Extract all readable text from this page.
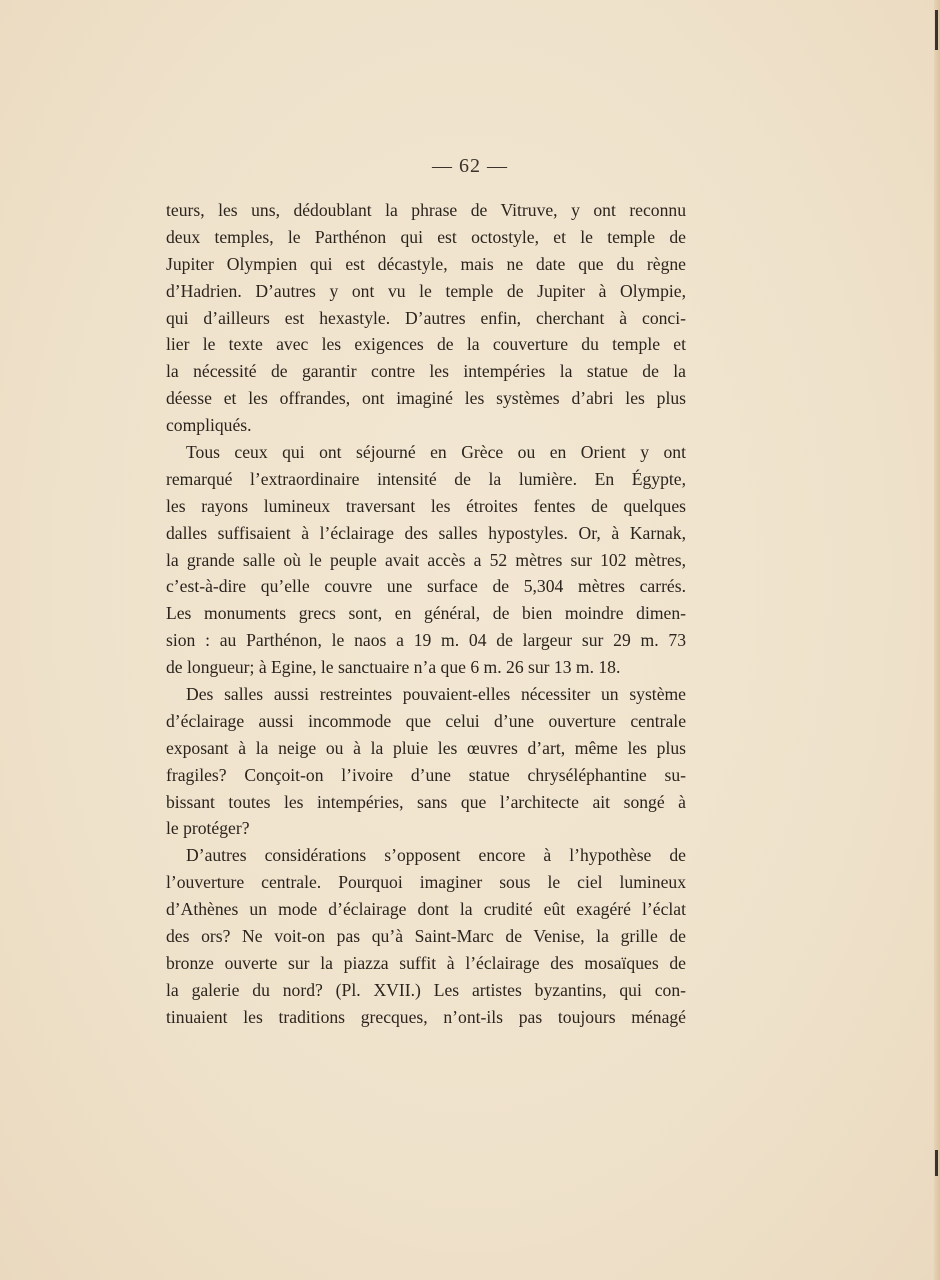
— 62 —
teurs, les uns, dédoublant la phrase de Vitruve, y ont reconnu
deux temples, le Parthénon qui est octostyle, et le temple de
Jupiter Olympien qui est décastyle, mais ne date que du règne
d’Hadrien. D’autres y ont vu le temple de Jupiter à Olympie,
qui d’ailleurs est hexastyle. D’autres enfin, cherchant à conci-
lier le texte avec les exigences de la couverture du temple et
la nécessité de garantir contre les intempéries la statue de la
déesse et les offrandes, ont imaginé les systèmes d’abri les plus
compliqués.
Tous ceux qui ont séjourné en Grèce ou en Orient y ont
remarqué l’extraordinaire intensité de la lumière. En Égypte,
les rayons lumineux traversant les étroites fentes de quelques
dalles suffisaient à l’éclairage des salles hypostyles. Or, à Karnak,
la grande salle où le peuple avait accès a 52 mètres sur 102 mètres,
c’est-à-dire qu’elle couvre une surface de 5,304 mètres carrés.
Les monuments grecs sont, en général, de bien moindre dimen-
sion : au Parthénon, le naos a 19 m. 04 de largeur sur 29 m. 73
de longueur; à Egine, le sanctuaire n’a que 6 m. 26 sur 13 m. 18.
Des salles aussi restreintes pouvaient-elles nécessiter un système
d’éclairage aussi incommode que celui d’une ouverture centrale
exposant à la neige ou à la pluie les œuvres d’art, même les plus
fragiles? Conçoit-on l’ivoire d’une statue chryséléphantine su-
bissant toutes les intempéries, sans que l’architecte ait songé à
le protéger?
D’autres considérations s’opposent encore à l’hypothèse de
l’ouverture centrale. Pourquoi imaginer sous le ciel lumineux
d’Athènes un mode d’éclairage dont la crudité eût exagéré l’éclat
des ors? Ne voit-on pas qu’à Saint-Marc de Venise, la grille de
bronze ouverte sur la piazza suffit à l’éclairage des mosaïques de
la galerie du nord? (Pl. XVII.) Les artistes byzantins, qui con-
tinuaient les traditions grecques, n’ont-ils pas toujours ménagé
